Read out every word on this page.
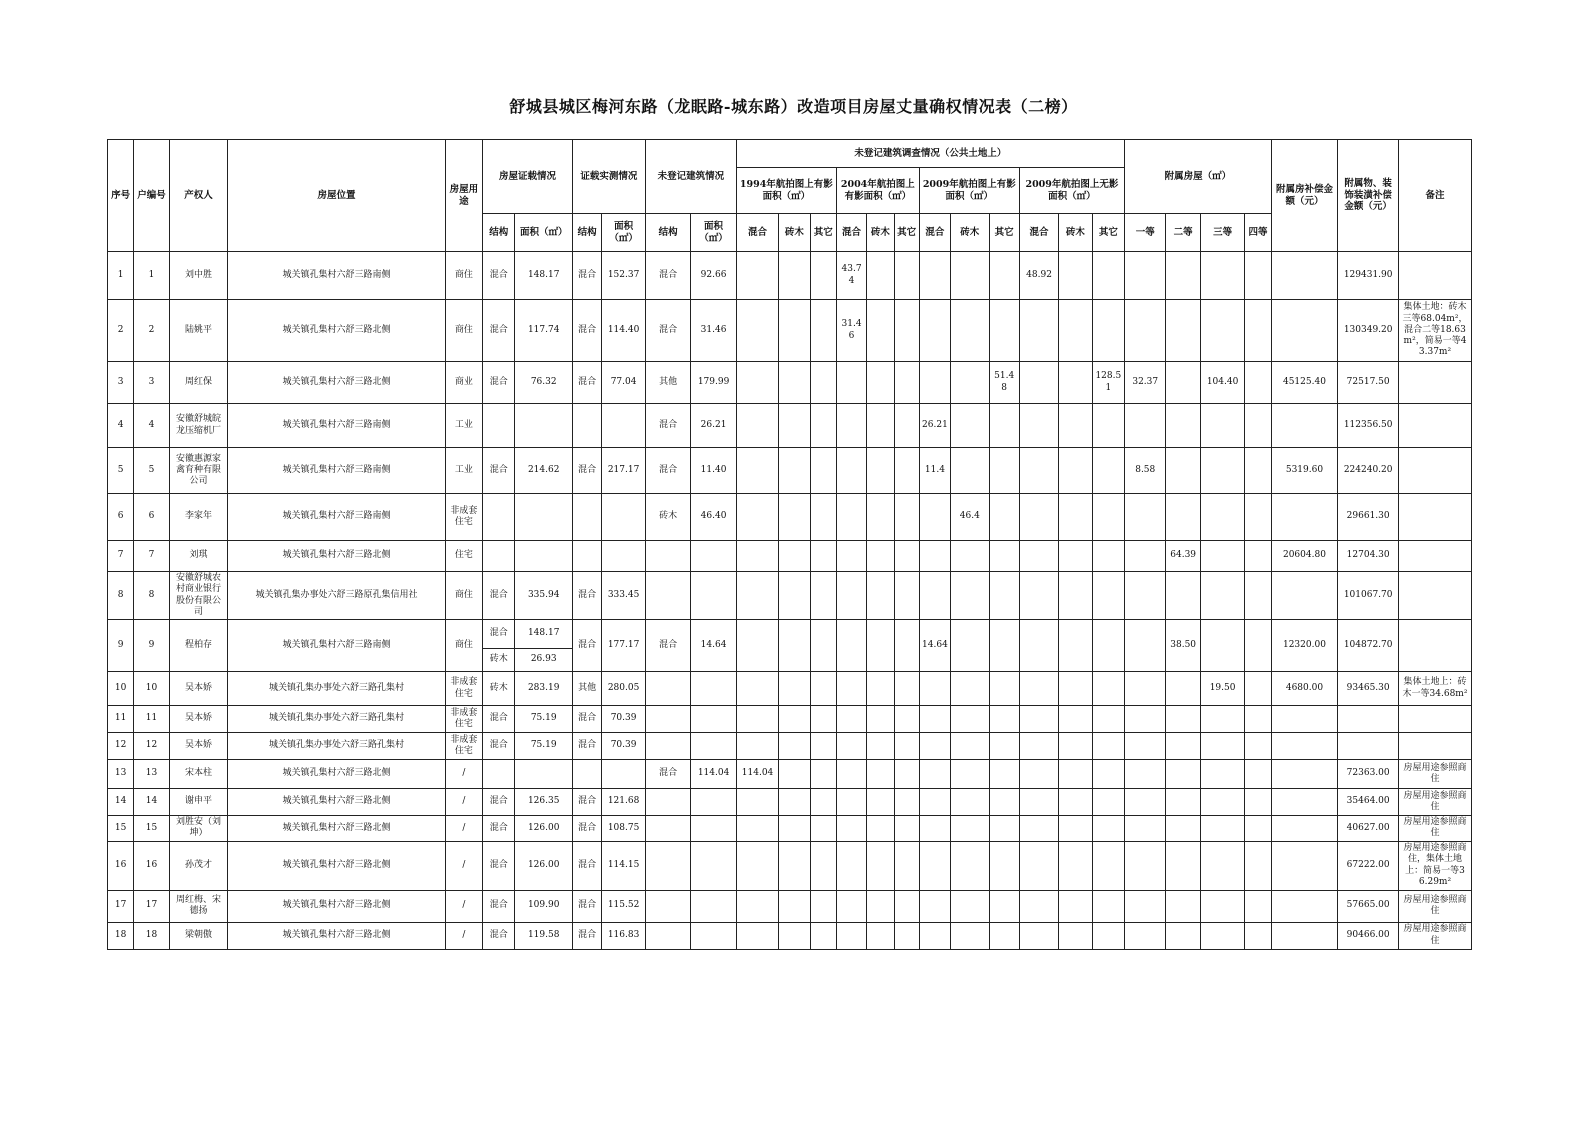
舒城县城区梅河东路（龙眠路-城东路）改造项目房屋丈量确权情况表（二榜）
序号	户编号	产权人	房屋位置	房屋用途	房屋证载情况		证载实测情况		未登记建筑情况		未登记建筑调查情况（公共土地上）												附属房屋（㎡）				附属房补偿金额（元）	附属物、装饰装潢补偿金额（元）	备注
											1994年航拍图上有影面积（㎡）			2004年航拍图上有影面积（㎡）			2009年航拍图上有影面积（㎡）			2009年航拍图上无影面积（㎡）									
					结构	面积（㎡）	结构	面积（㎡）	结构	面积（㎡）	混合	砖木	其它	混合	砖木	其它	混合	砖木	其它	混合	砖木	其它	一等	二等	三等	四等			
1	1	刘中胜	城关镇孔集村六舒三路南侧	商住	混合	148.17	混合	152.37	混合	92.66				43.74						48.92								129431.90	
2	2	陆姚平	城关镇孔集村六舒三路北侧	商住	混合	117.74	混合	114.40	混合	31.46				31.46														130349.20	集体土地：砖木三等68.04m²，混合二等18.63m²，简易一等43.37m²
3	3	周红保	城关镇孔集村六舒三路北侧	商业	混合	76.32	混合	77.04	其他	179.99									51.48			128.51	32.37		104.40		45125.40	72517.50	
4	4	安徽舒城皖龙压缩机厂	城关镇孔集村六舒三路南侧	工业					混合	26.21							26.21											112356.50	
5	5	安徽惠源家禽育种有限公司	城关镇孔集村六舒三路南侧	工业	混合	214.62	混合	217.17	混合	11.40							11.4						8.58				5319.60	224240.20	
6	6	李家年	城关镇孔集村六舒三路南侧	非成套住宅					砖木	46.40								46.4										29661.30	
7	7	刘琪	城关镇孔集村六舒三路北侧	住宅																				64.39			20604.80	12704.30	
8	8	安徽舒城农村商业银行股份有限公司	城关镇孔集办事处六舒三路原孔集信用社	商住	混合	335.94	混合	333.45																				101067.70	
9	9	程柏存	城关镇孔集村六舒三路南侧	商住	混合	148.17	混合	177.17	混合	14.64							14.64							38.50			12320.00	104872.70	
					砖木	26.93																							
10	10	吴本娇	城关镇孔集办事处六舒三路孔集村	非成套住宅	砖木	283.19	其他	280.05																	19.50		4680.00	93465.30	集体土地上：砖木一等34.68m²
11	11	吴本娇	城关镇孔集办事处六舒三路孔集村	非成套住宅	混合	75.19	混合	70.39																					
12	12	吴本娇	城关镇孔集办事处六舒三路孔集村	非成套住宅	混合	75.19	混合	70.39																					
13	13	宋本柱	城关镇孔集村六舒三路北侧	/					混合	114.04	114.04																	72363.00	房屋用途参照商住
14	14	谢申平	城关镇孔集村六舒三路北侧	/	混合	126.35	混合	121.68																				35464.00	房屋用途参照商住
15	15	刘胜安（刘坤）	城关镇孔集村六舒三路北侧	/	混合	126.00	混合	108.75																				40627.00	房屋用途参照商住
16	16	孙茂才	城关镇孔集村六舒三路北侧	/	混合	126.00	混合	114.15																				67222.00	房屋用途参照商住，集体土地上：简易一等36.29m²
17	17	周红梅、宋德扬	城关镇孔集村六舒三路北侧	/	混合	109.90	混合	115.52																				57665.00	房屋用途参照商住
18	18	梁朝傲	城关镇孔集村六舒三路北侧	/	混合	119.58	混合	116.83																				90466.00	房屋用途参照商住
